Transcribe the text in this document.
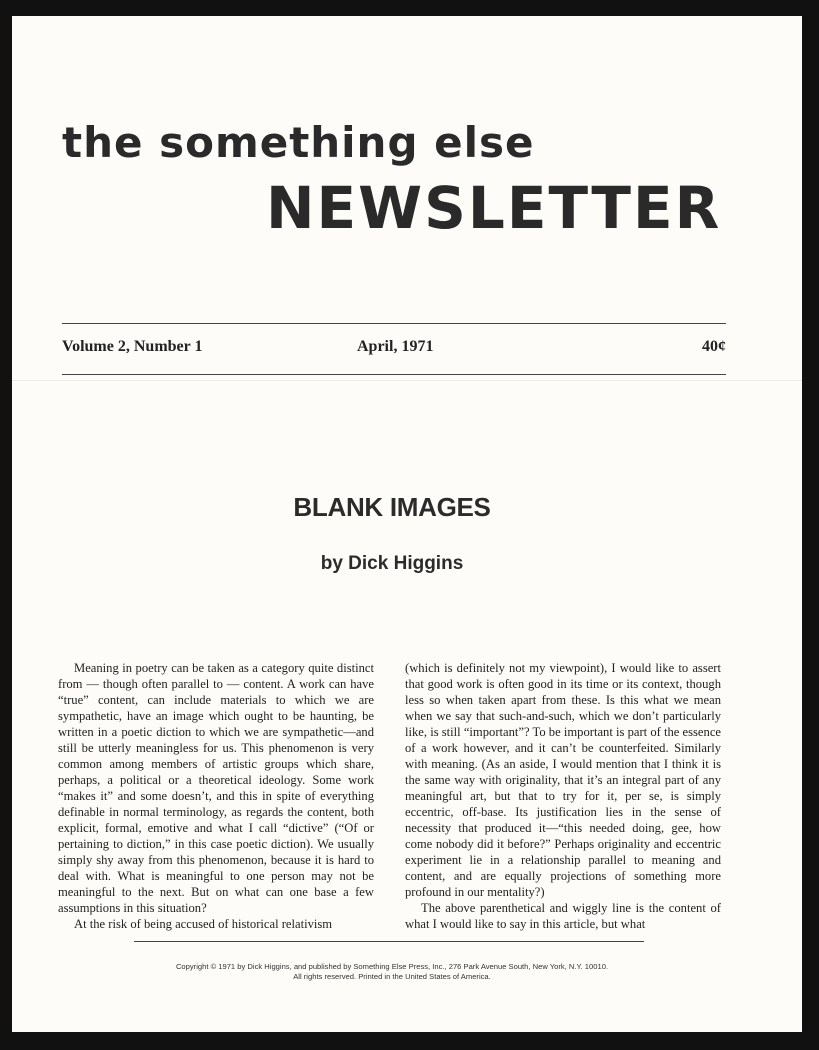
the something else
NEWSLETTER
Volume 2, Number 1	April, 1971	40¢
BLANK IMAGES
by Dick Higgins

Meaning in poetry can be taken as a category quite distinct from — though often parallel to — content. A work can have “true” content, can include materials to which we are sympathetic, have an image which ought to be haunting, be written in a poetic diction to which we are sympathetic—and still be utterly meaningless for us. This phenomenon is very common among members of artistic groups which share, perhaps, a political or a theoretical ideology. Some work “makes it” and some doesn’t, and this in spite of everything definable in normal terminology, as regards the content, both explicit, formal, emotive and what I call “dictive” (“Of or pertaining to diction,” in this case poetic diction). We usually simply shy away from this phenomenon, because it is hard to deal with. What is meaningful to one person may not be meaningful to the next. But on what can one base a few assumptions in this situation?

At the risk of being accused of historical relativism

(which is definitely not my viewpoint), I would like to assert that good work is often good in its time or its context, though less so when taken apart from these. Is this what we mean when we say that such-and-such, which we don’t particularly like, is still “important”? To be important is part of the essence of a work however, and it can’t be counterfeited. Similarly with meaning. (As an aside, I would mention that I think it is the same way with originality, that it’s an integral part of any meaningful art, but that to try for it, per se, is simply eccentric, off-base. Its justification lies in the sense of necessity that produced it—“this needed doing, gee, how come nobody did it before?” Perhaps originality and eccentric experiment lie in a relationship parallel to meaning and content, and are equally projections of something more profound in our mentality?)

The above parenthetical and wiggly line is the content of what I would like to say in this article, but what

Copyright © 1971 by Dick Higgins, and published by Something Else Press, Inc., 276 Park Avenue South, New York, N.Y. 10010.
All rights reserved. Printed in the United States of America.
